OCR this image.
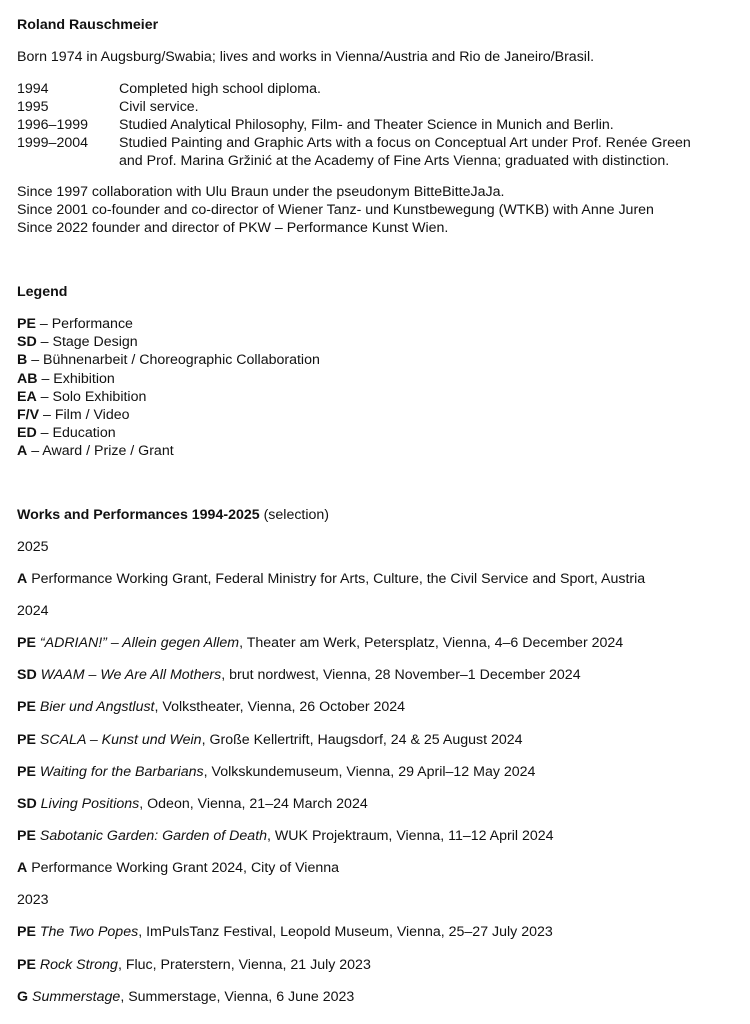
Roland Rauschmeier
Born 1974 in Augsburg/Swabia; lives and works in Vienna/Austria and Rio de Janeiro/Brasil.
1994	Completed high school diploma.
1995	Civil service.
1996–1999 Studied Analytical Philosophy, Film- and Theater Science in Munich and Berlin.
1999–2004 Studied Painting and Graphic Arts with a focus on Conceptual Art under Prof. Renée Green
and Prof. Marina Gržinić at the Academy of Fine Arts Vienna; graduated with distinction.
Since 1997 collaboration with Ulu Braun under the pseudonym BitteBitteJaJa.
Since 2001 co-founder and co-director of Wiener Tanz- und Kunstbewegung (WTKB) with Anne Juren
Since 2022 founder and director of PKW – Performance Kunst Wien.
Legend
PE – Performance
SD – Stage Design
B – Bühnenarbeit / Choreographic Collaboration
AB – Exhibition
EA – Solo Exhibition
F/V – Film / Video
ED – Education
A – Award / Prize / Grant
Works and Performances 1994-2025 (selection)
2025
A Performance Working Grant, Federal Ministry for Arts, Culture, the Civil Service and Sport, Austria
2024
PE “ADRIAN!” – Allein gegen Allem, Theater am Werk, Petersplatz, Vienna, 4–6 December 2024
SD WAAM – We Are All Mothers, brut nordwest, Vienna, 28 November–1 December 2024
PE Bier und Angstlust, Volkstheater, Vienna, 26 October 2024
PE SCALA – Kunst und Wein, Große Kellertrift, Haugsdorf, 24 & 25 August 2024
PE Waiting for the Barbarians, Volkskundemuseum, Vienna, 29 April–12 May 2024
SD Living Positions, Odeon, Vienna, 21–24 March 2024
PE Sabotanic Garden: Garden of Death, WUK Projektraum, Vienna, 11–12 April 2024
A Performance Working Grant 2024, City of Vienna
2023
PE The Two Popes, ImPulsTanz Festival, Leopold Museum, Vienna, 25–27 July 2023
PE Rock Strong, Fluc, Praterstern, Vienna, 21 July 2023
G Summerstage, Summerstage, Vienna, 6 June 2023
